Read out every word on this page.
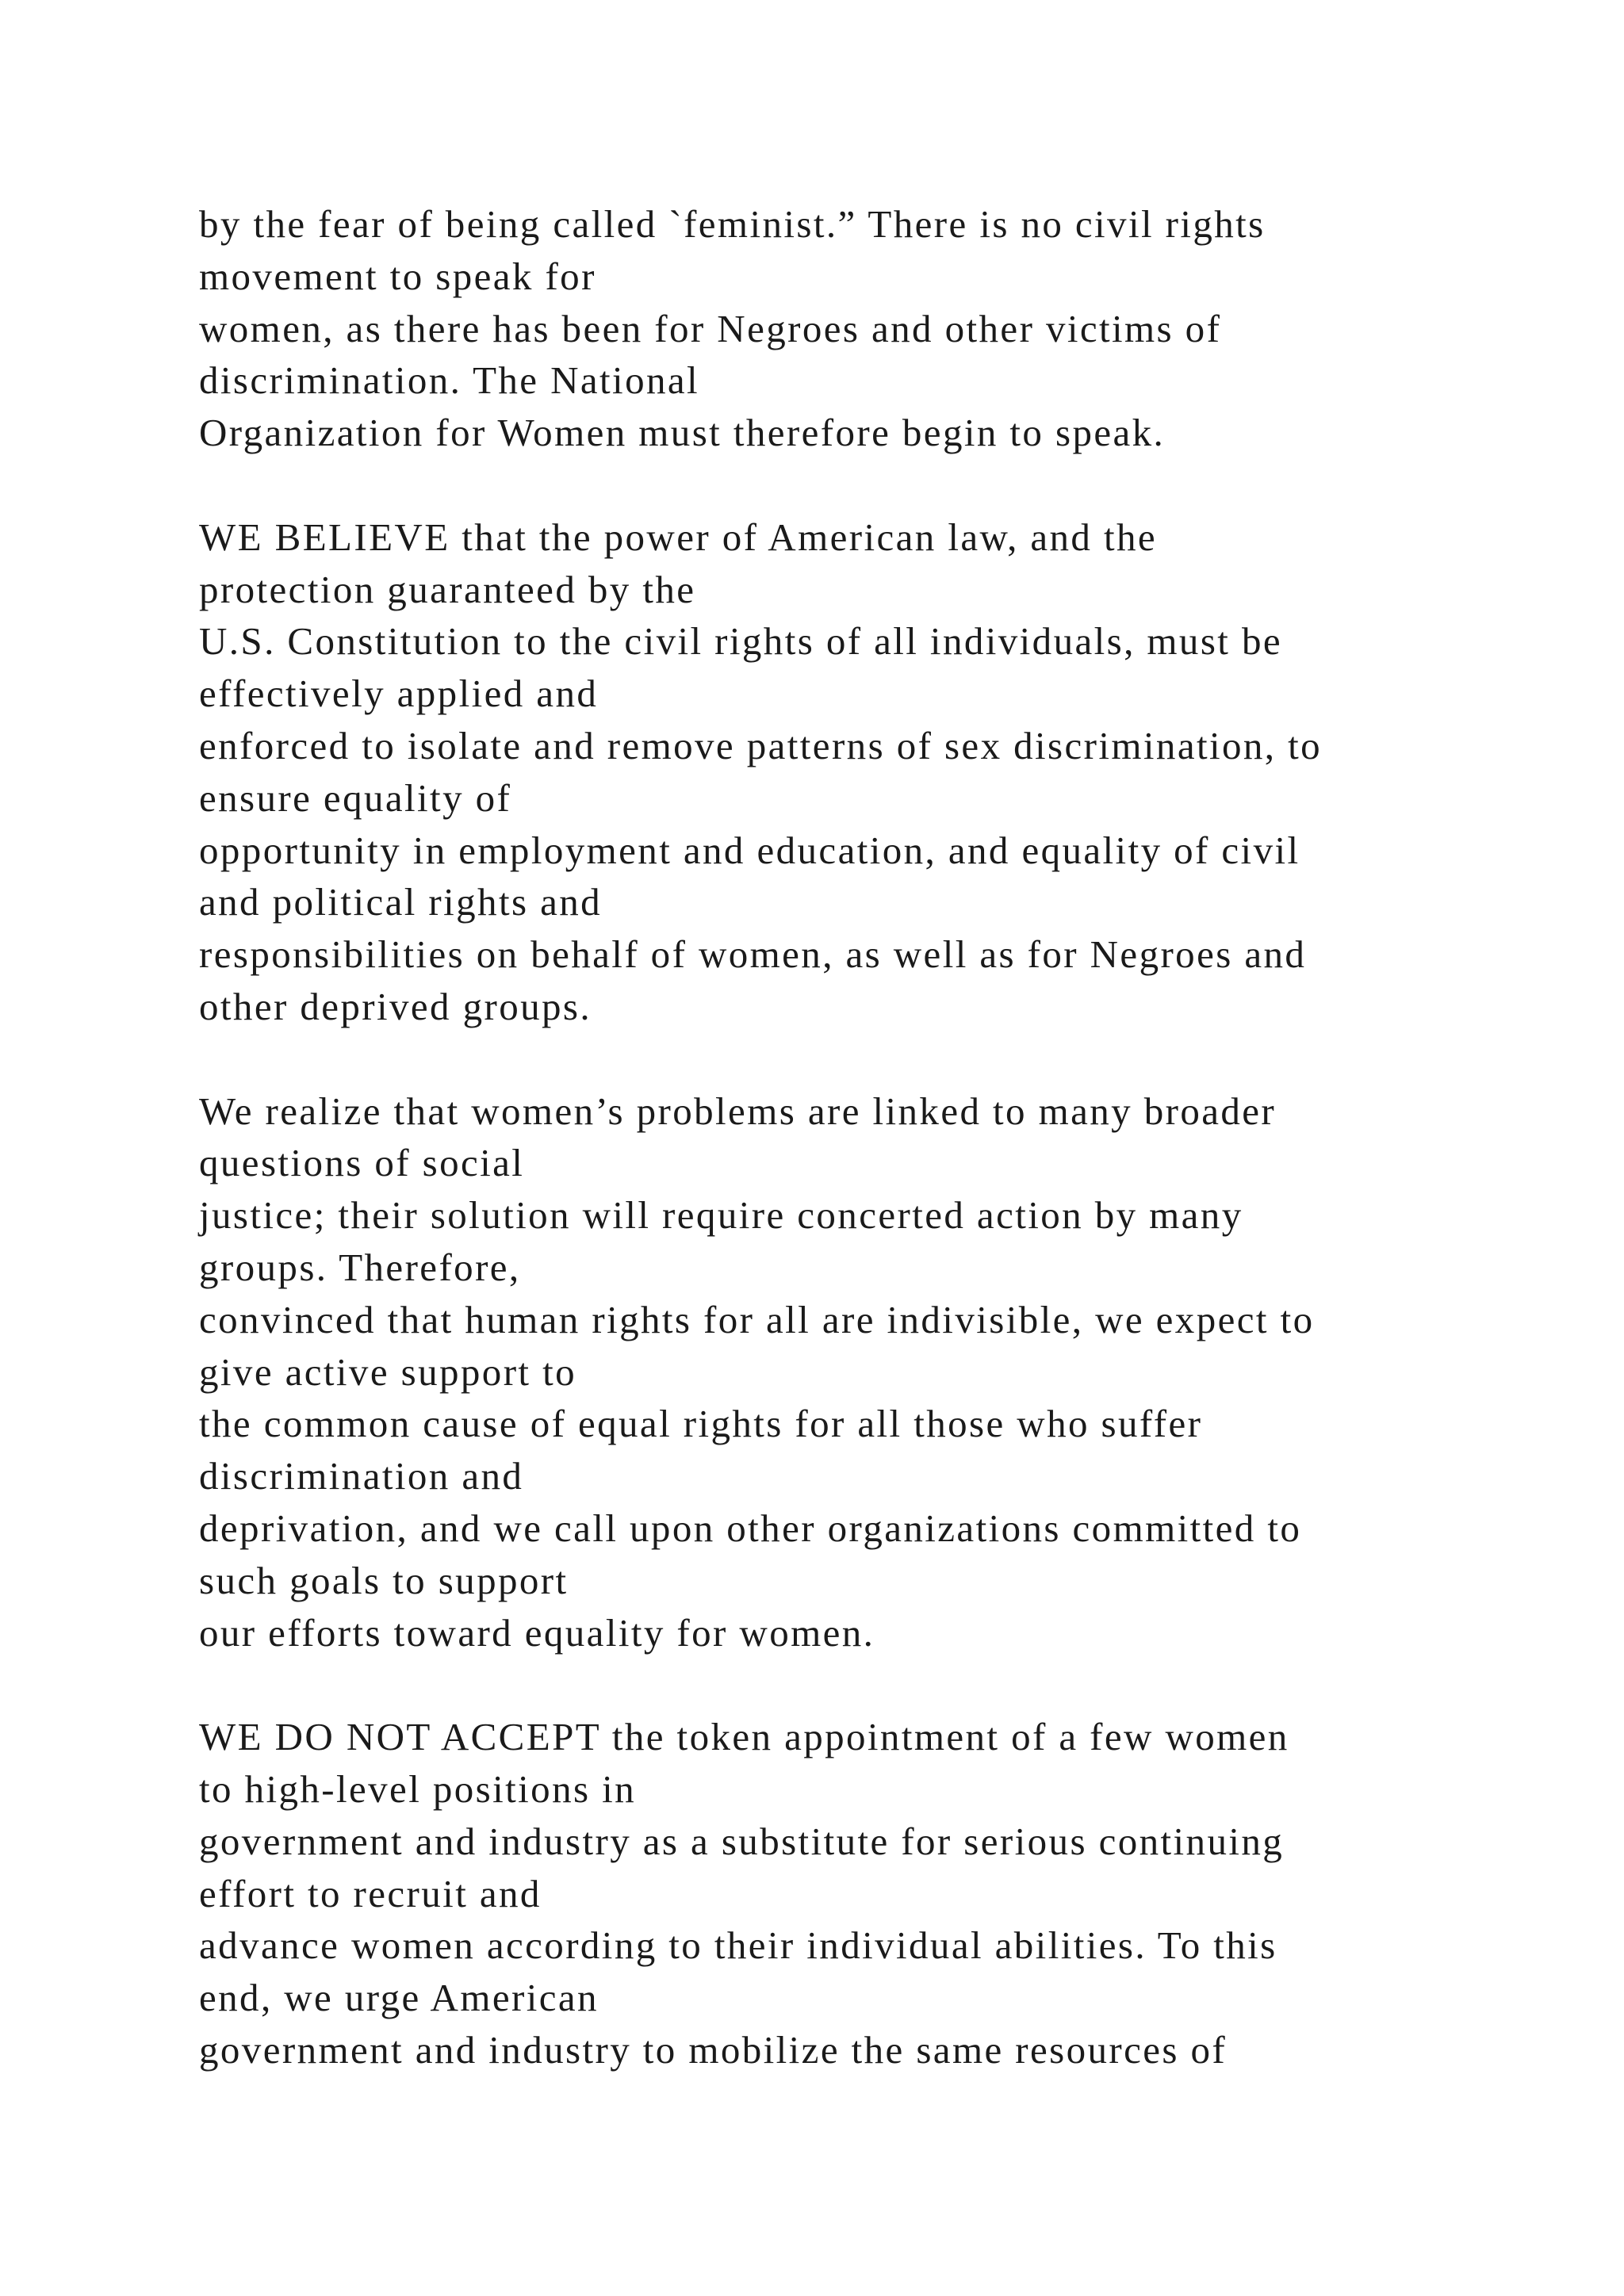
by the fear of being called `feminist.” There is no civil rights
movement to speak for
women, as there has been for Negroes and other victims of
discrimination. The National
Organization for Women must therefore begin to speak.
WE BELIEVE that the power of American law, and the
protection guaranteed by the
U.S. Constitution to the civil rights of all individuals, must be
effectively applied and
enforced to isolate and remove patterns of sex discrimination, to
ensure equality of
opportunity in employment and education, and equality of civil
and political rights and
responsibilities on behalf of women, as well as for Negroes and
other deprived groups.
We realize that women’s problems are linked to many broader
questions of social
justice; their solution will require concerted action by many
groups. Therefore,
convinced that human rights for all are indivisible, we expect to
give active support to
the common cause of equal rights for all those who suffer
discrimination and
deprivation, and we call upon other organizations committed to
such goals to support
our efforts toward equality for women.
WE DO NOT ACCEPT the token appointment of a few women
to high-level positions in
government and industry as a substitute for serious continuing
effort to recruit and
advance women according to their individual abilities. To this
end, we urge American
government and industry to mobilize the same resources of
